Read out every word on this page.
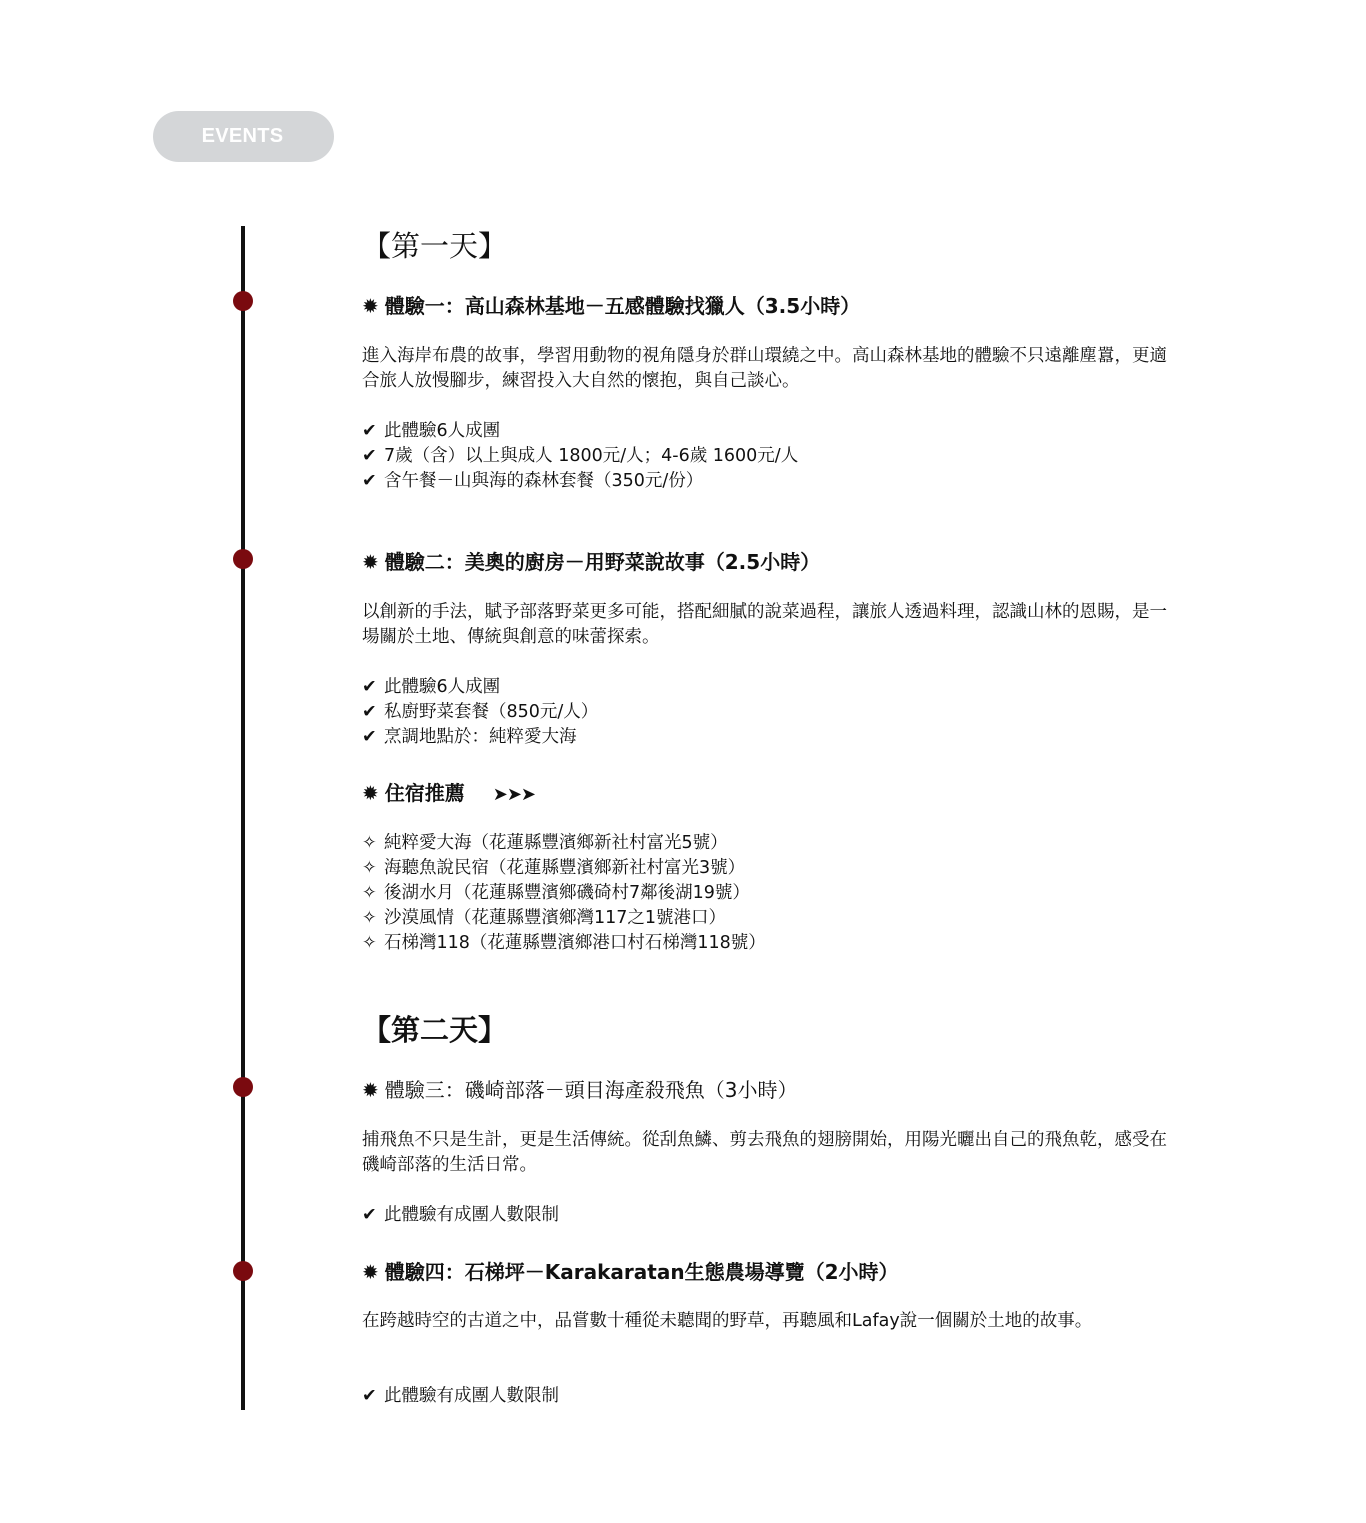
EVENTS
【第一天】
✹ 體驗一：高山森林基地－五感體驗找獵人（3.5小時）

進入海岸布農的故事，學習用動物的視角隱身於群山環繞之中。高山森林基地的體驗不只遠離塵囂，更適合旅人放慢腳步，練習投入大自然的懷抱，與自己談心。

✔ 此體驗6人成團
✔ 7歲（含）以上與成人 1800元/人；4-6歲 1600元/人
✔ 含午餐－山與海的森林套餐（350元/份）
✹ 體驗二：美奧的廚房－用野菜說故事（2.5小時）

以創新的手法，賦予部落野菜更多可能，搭配細膩的說菜過程，讓旅人透過料理，認識山林的恩賜，是一場關於土地、傳統與創意的味蕾探索。

✔ 此體驗6人成團
✔ 私廚野菜套餐（850元/人）
✔ 烹調地點於：純粹愛大海
✹ 住宿推薦 ➤➤➤
✧ 純粹愛大海（花蓮縣豐濱鄉新社村富光5號）
✧ 海聽魚說民宿（花蓮縣豐濱鄉新社村富光3號）
✧ 後湖水月（花蓮縣豐濱鄉磯碕村7鄰後湖19號）
✧ 沙漠風情（花蓮縣豐濱鄉灣117之1號港口）
✧ 石梯灣118（花蓮縣豐濱鄉港口村石梯灣118號）
【第二天】
✹ 體驗三：磯崎部落－頭目海產殺飛魚（3小時）

捕飛魚不只是生計，更是生活傳統。從刮魚鱗、剪去飛魚的翅膀開始，用陽光曬出自己的飛魚乾，感受在磯崎部落的生活日常。

✔ 此體驗有成團人數限制
✹ 體驗四：石梯坪－Karakaratan生態農場導覽（2小時）

在跨越時空的古道之中，品嘗數十種從未聽聞的野草，再聽風和Lafay說一個關於土地的故事。

✔ 此體驗有成團人數限制
